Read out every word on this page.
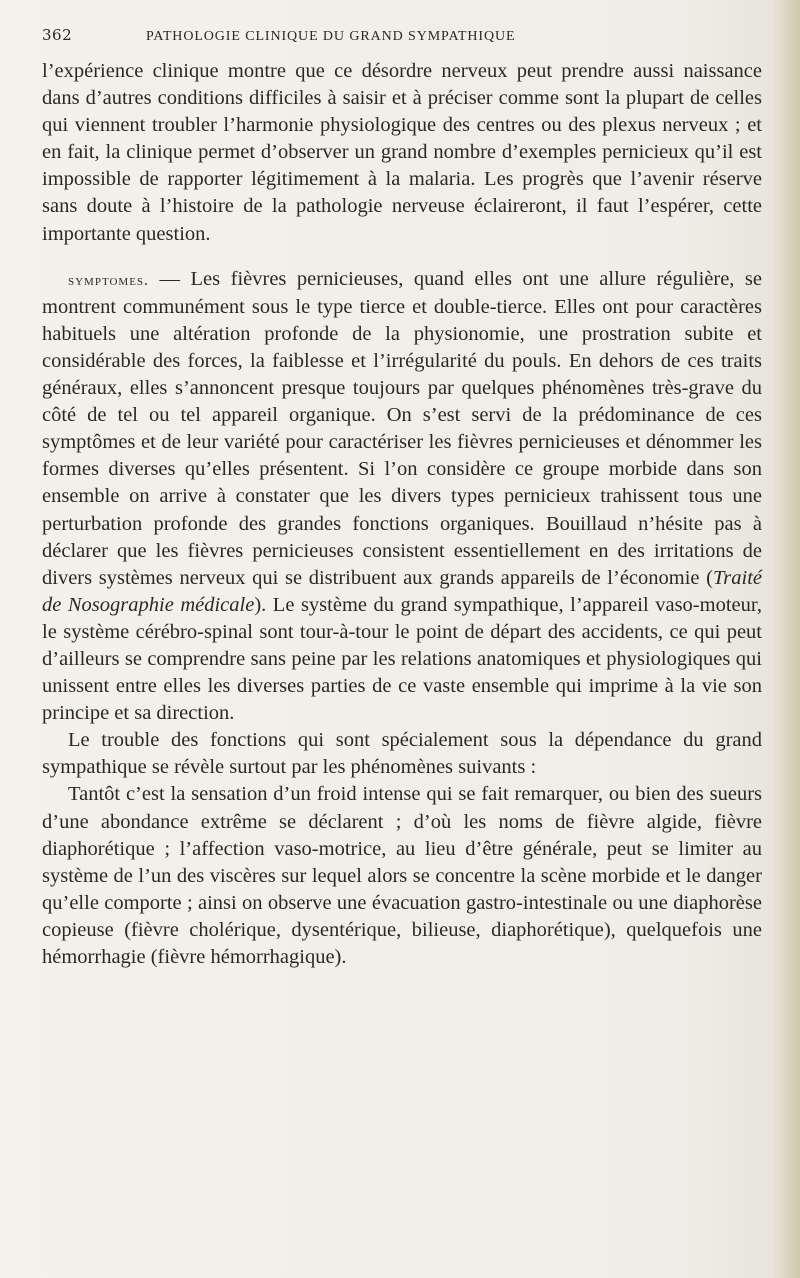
362	PATHOLOGIE CLINIQUE DU GRAND SYMPATHIQUE

l’expérience clinique montre que ce désordre nerveux peut prendre aussi naissance dans d’autres conditions difficiles à saisir et à préciser comme sont la plupart de celles qui viennent troubler l’harmonie physiologique des centres ou des plexus nerveux ; et en fait, la clinique permet d’observer un grand nombre d’exemples pernicieux qu’il est impossible de rapporter légitimement à la malaria. Les progrès que l’avenir réserve sans doute à l’histoire de la pathologie nerveuse éclaireront, il faut l’espérer, cette importante question.

symptomes. — Les fièvres pernicieuses, quand elles ont une allure régulière, se montrent communément sous le type tierce et double-tierce. Elles ont pour caractères habituels une altération profonde de la physionomie, une prostration subite et considérable des forces, la faiblesse et l’irrégularité du pouls. En dehors de ces traits généraux, elles s’annoncent presque toujours par quelques phénomènes très-grave du côté de tel ou tel appareil organique. On s’est servi de la prédominance de ces symptômes et de leur variété pour caractériser les fièvres pernicieuses et dénommer les formes diverses qu’elles présentent. Si l’on considère ce groupe morbide dans son ensemble on arrive à constater que les divers types pernicieux trahissent tous une perturbation profonde des grandes fonctions organiques. Bouillaud n’hésite pas à déclarer que les fièvres pernicieuses consistent essentiellement en des irritations de divers systèmes nerveux qui se distribuent aux grands appareils de l’économie (Traité de Nosographie médicale). Le système du grand sympathique, l’appareil vaso-moteur, le système cérébro-spinal sont tour-à-tour le point de départ des accidents, ce qui peut d’ailleurs se comprendre sans peine par les relations anatomiques et physiologiques qui unissent entre elles les diverses parties de ce vaste ensemble qui imprime à la vie son principe et sa direction.

Le trouble des fonctions qui sont spécialement sous la dépendance du grand sympathique se révèle surtout par les phénomènes suivants :

Tantôt c’est la sensation d’un froid intense qui se fait remarquer, ou bien des sueurs d’une abondance extrême se déclarent ; d’où les noms de fièvre algide, fièvre diaphorétique ; l’affection vaso-motrice, au lieu d’être générale, peut se limiter au système de l’un des viscères sur lequel alors se concentre la scène morbide et le danger qu’elle comporte ; ainsi on observe une évacuation gastro-intestinale ou une diaphorèse copieuse (fièvre cholérique, dysentérique, bilieuse, diaphorétique), quelquefois une hémorrhagie (fièvre hémorrhagique).
